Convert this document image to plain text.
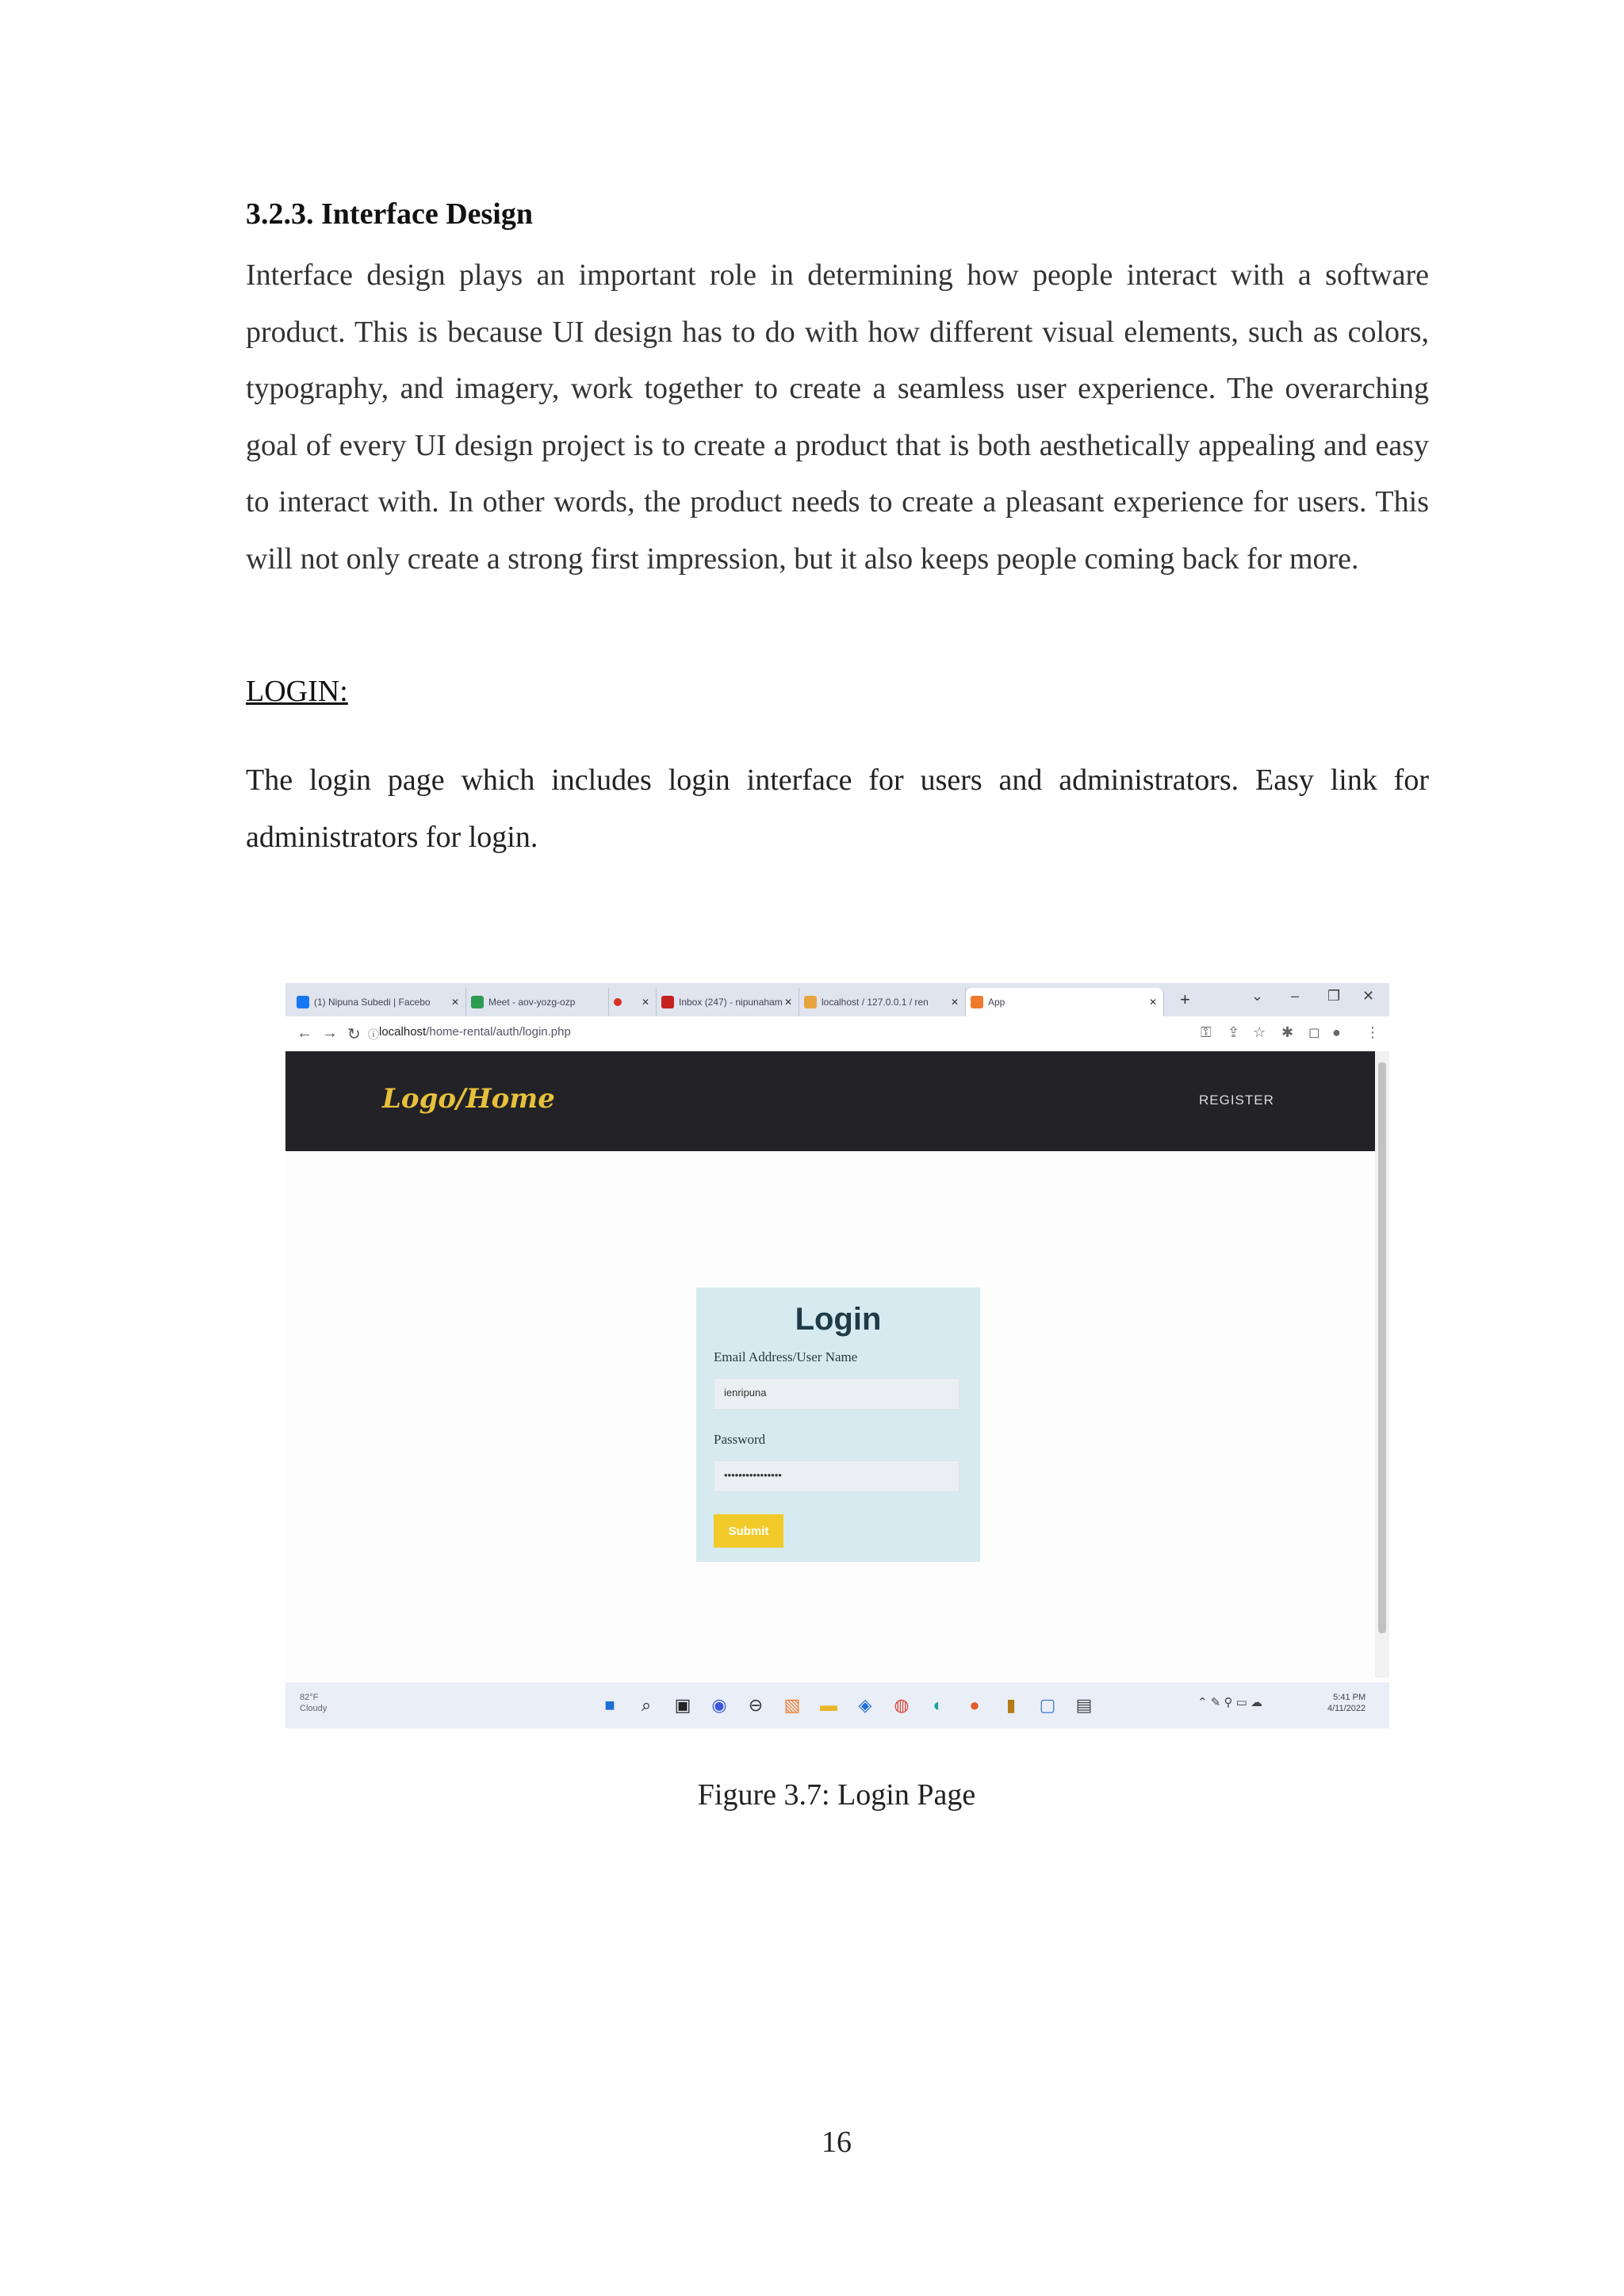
3.2.3. Interface Design

Interface design plays an important role in determining how people interact with a software product. This is because UI design has to do with how different visual elements, such as colors, typography, and imagery, work together to create a seamless user experience. The overarching goal of every UI design project is to create a product that is both aesthetically appealing and easy to interact with. In other words, the product needs to create a pleasant experience for users. This will not only create a strong first impression, but it also keeps people coming back for more.

LOGIN:

The login page which includes login interface for users and administrators. Easy link for administrators for login.

(1) Nipuna Subedi | Facebo ✕	Meet - aov-yozg-ozp	✕	Inbox (247) - nipunaham ✕	localhost / 127.0.0.1 / ren ✕	App	✕ +	⌄ – ❐ ✕
← → ↻ ⓘ localhost/home-rental/auth/login.php	⚿ ⇪ ☆ ✱ ◻ ● ⋮
Logo/Home	REGISTER
Login
Email Address/User Name
ienripuna
Password
••••••••••••••••
Submit
82°F
Cloudy	■	⌕	▣	◉	⊖	▧	▬	◈	◍	◐	●	▮	▢	▤	⌃ ✎ ⚲ ▭ ☁	5:41 PM
4/11/2022
Figure 3.7: Login Page
16
